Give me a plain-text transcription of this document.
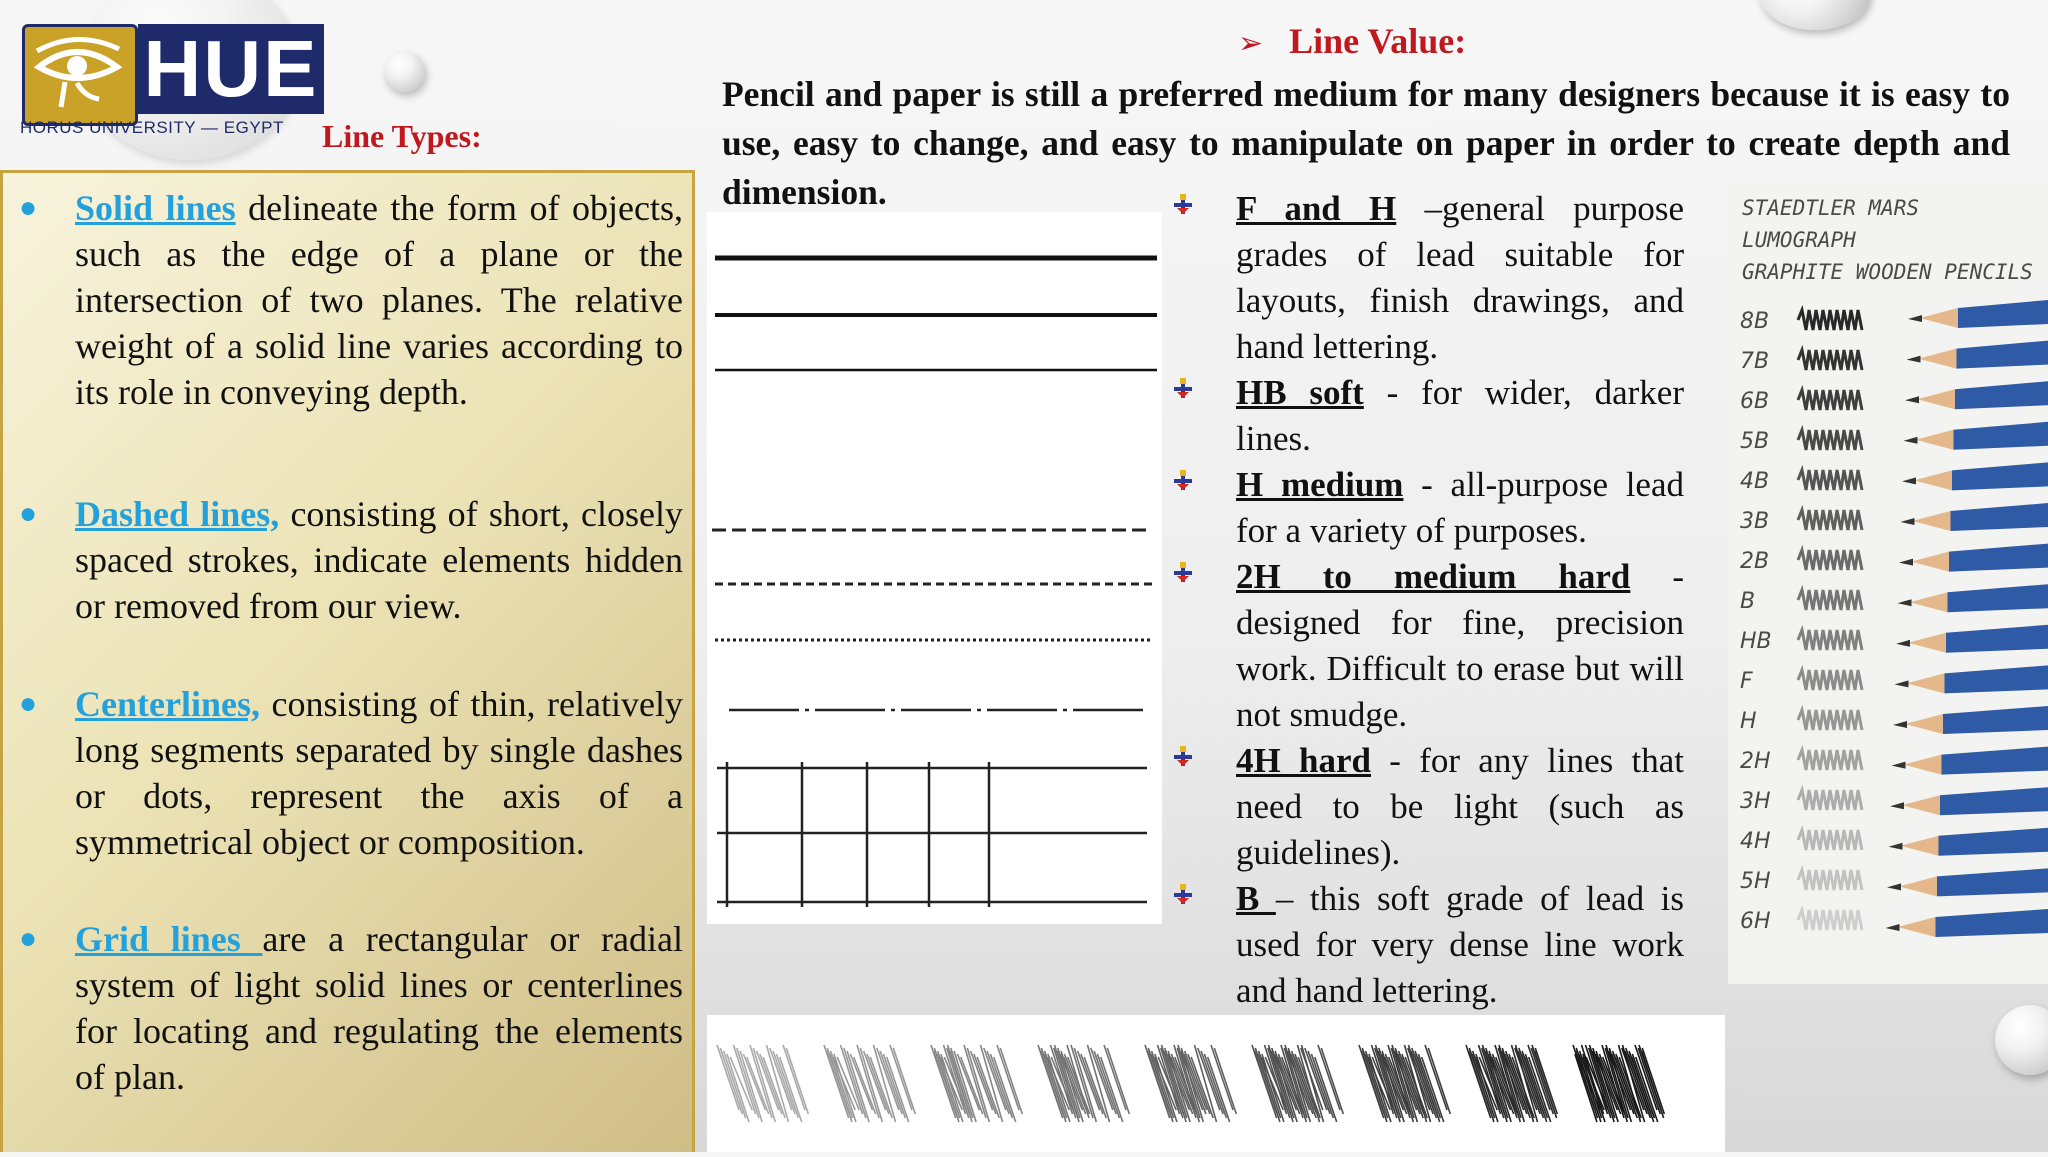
HUE
HORUS UNIVERSITY — EGYPT	Line Types:
● Solid lines delineate the form of objects, such as the edge of a plane or the intersection of two planes. The relative weight of a solid line varies according to its role in conveying depth.
● Dashed lines, consisting of short, closely spaced strokes, indicate elements hidden or removed from our view.
● Centerlines, consisting of thin, relatively long segments separated by single dashes or dots, represent the axis of a symmetrical object or composition.
● Grid lines are a rectangular or radial system of light solid lines or centerlines for locating and regulating the elements of plan.
➢ Line Value:
Pencil and paper is still a preferred medium for many designers because it is easy to use, easy to change, and easy to manipulate on paper in order to create depth and dimension.	F and H –general purpose grades of lead suitable for layouts, finish drawings, and hand lettering.
HB soft - for wider, darker lines.
H medium - all-purpose lead for a variety of purposes.
2H to medium hard - designed for fine, precision work. Difficult to erase but will not smudge.
4H hard - for any lines that need to be light (such as guidelines).
B – this soft grade of lead is used for very dense line work and hand lettering.
STAEDTLER MARS LUMOGRAPH
GRAPHITE WOODEN PENCILS
8B
7B
6B
5B
4B
3B
2B
B
HB
F
H
2H
3H
4H
5H
6H
